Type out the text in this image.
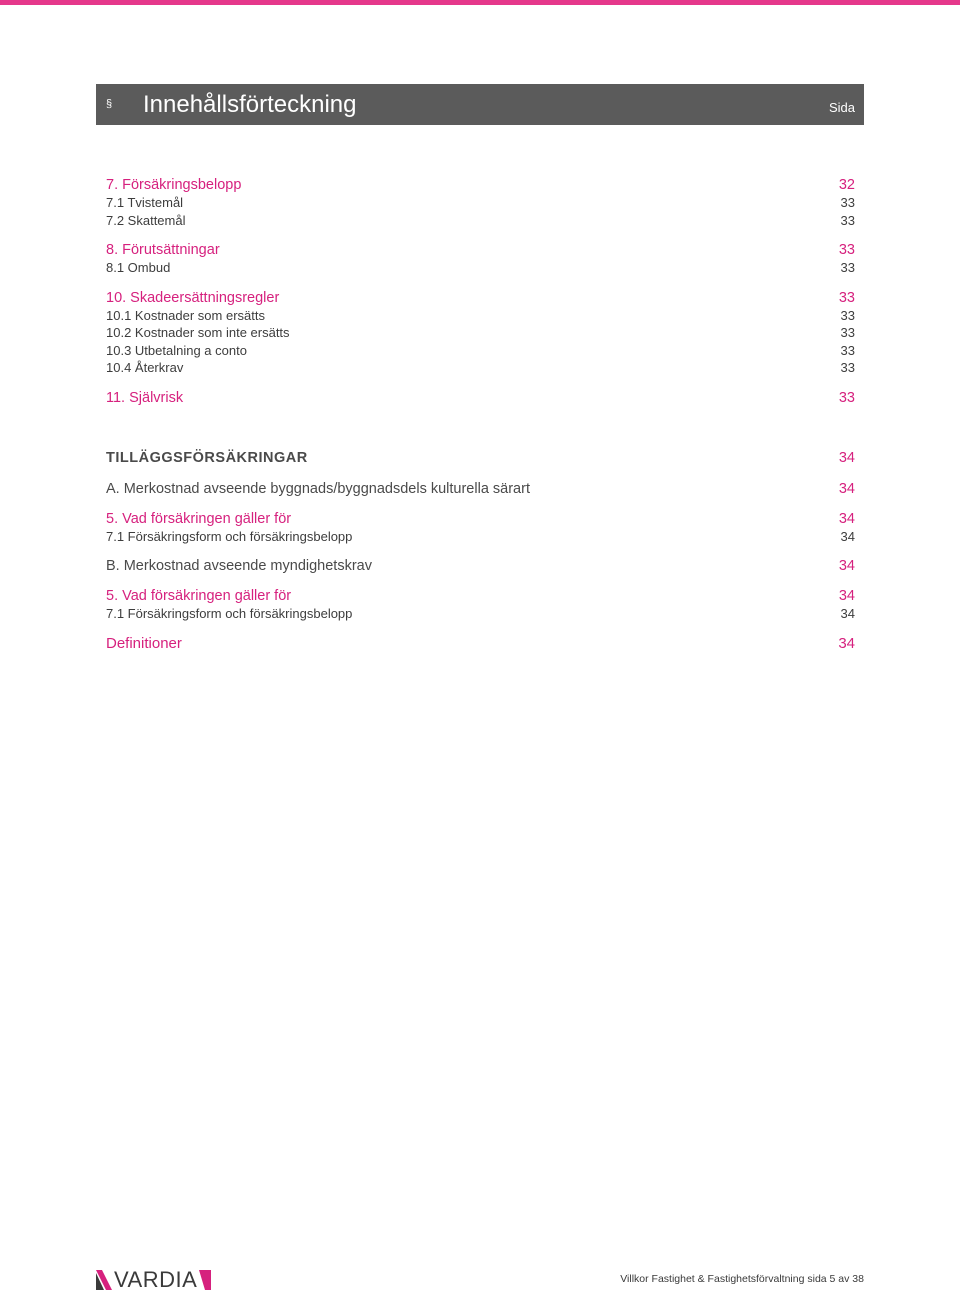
§ Innehållsförteckning	Sida
7. Försäkringsbelopp	32
7.1 Tvistemål	33
7.2 Skattemål	33
8. Förutsättningar	33
8.1 Ombud	33
10. Skadeersättningsregler	33
10.1 Kostnader som ersätts	33
10.2 Kostnader som inte ersätts	33
10.3 Utbetalning a conto	33
10.4 Återkrav	33
11. Självrisk	33
TILLÄGGSFÖRSÄKRINGAR	34
A. Merkostnad avseende byggnads/byggnadsdels kulturella särart	34
5. Vad försäkringen gäller för	34
7.1 Försäkringsform och försäkringsbelopp	34
B. Merkostnad avseende myndighetskrav	34
5. Vad försäkringen gäller för	34
7.1 Försäkringsform och försäkringsbelopp	34
Definitioner	34
VARDIA	Villkor Fastighet & Fastighetsförvaltning sida 5 av 38
